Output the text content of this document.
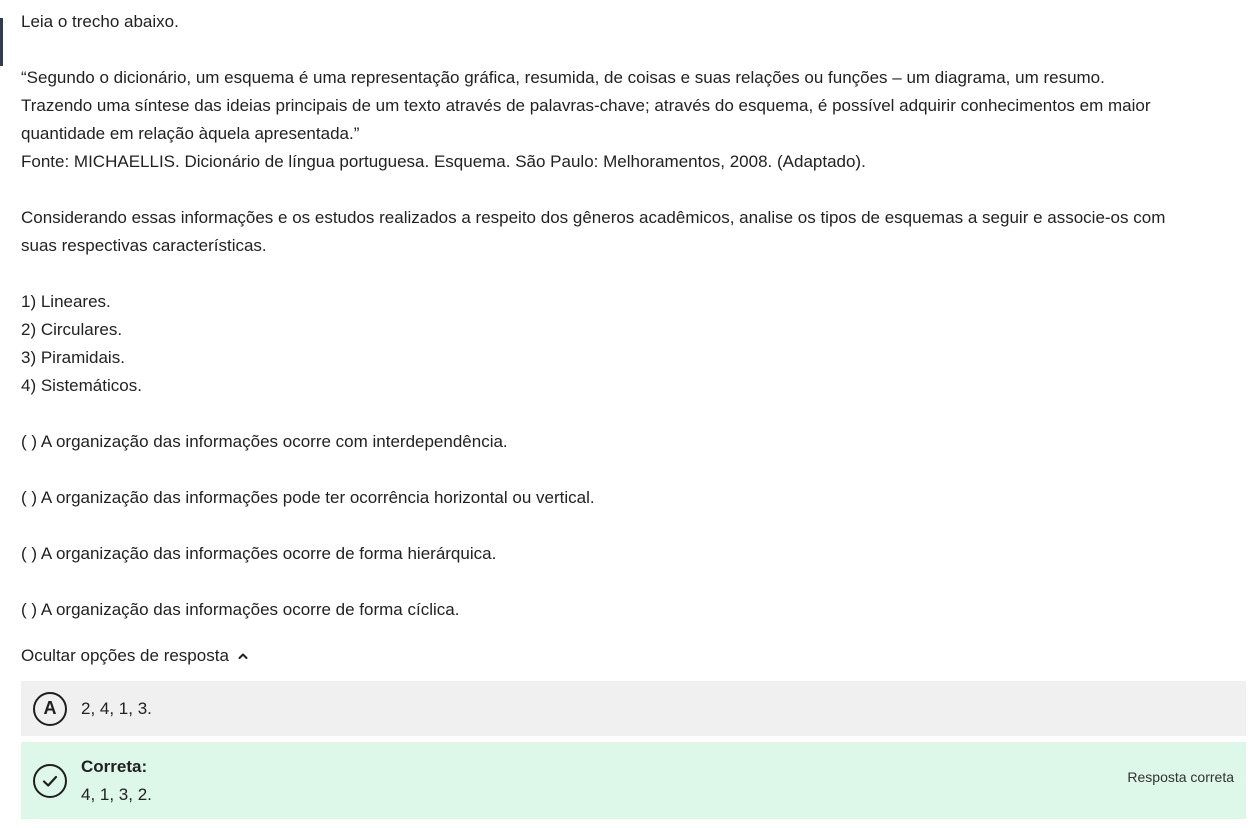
Leia o trecho abaixo.

“Segundo o dicionário, um esquema é uma representação gráfica, resumida, de coisas e suas relações ou funções – um diagrama, um resumo.

Trazendo uma síntese das ideias principais de um texto através de palavras-chave; através do esquema, é possível adquirir conhecimentos em maior

quantidade em relação àquela apresentada.”

Fonte: MICHAELLIS. Dicionário de língua portuguesa. Esquema. São Paulo: Melhoramentos, 2008. (Adaptado).

Considerando essas informações e os estudos realizados a respeito dos gêneros acadêmicos, analise os tipos de esquemas a seguir e associe-os com

suas respectivas características.

1) Lineares.

2) Circulares.

3) Piramidais.

4) Sistemáticos.

( ) A organização das informações ocorre com interdependência.

( ) A organização das informações pode ter ocorrência horizontal ou vertical.

( ) A organização das informações ocorre de forma hierárquica.

( ) A organização das informações ocorre de forma cíclica.

Ocultar opções de resposta
A	2, 4, 1, 3.
Correta:
4, 1, 3, 2.
Resposta correta
